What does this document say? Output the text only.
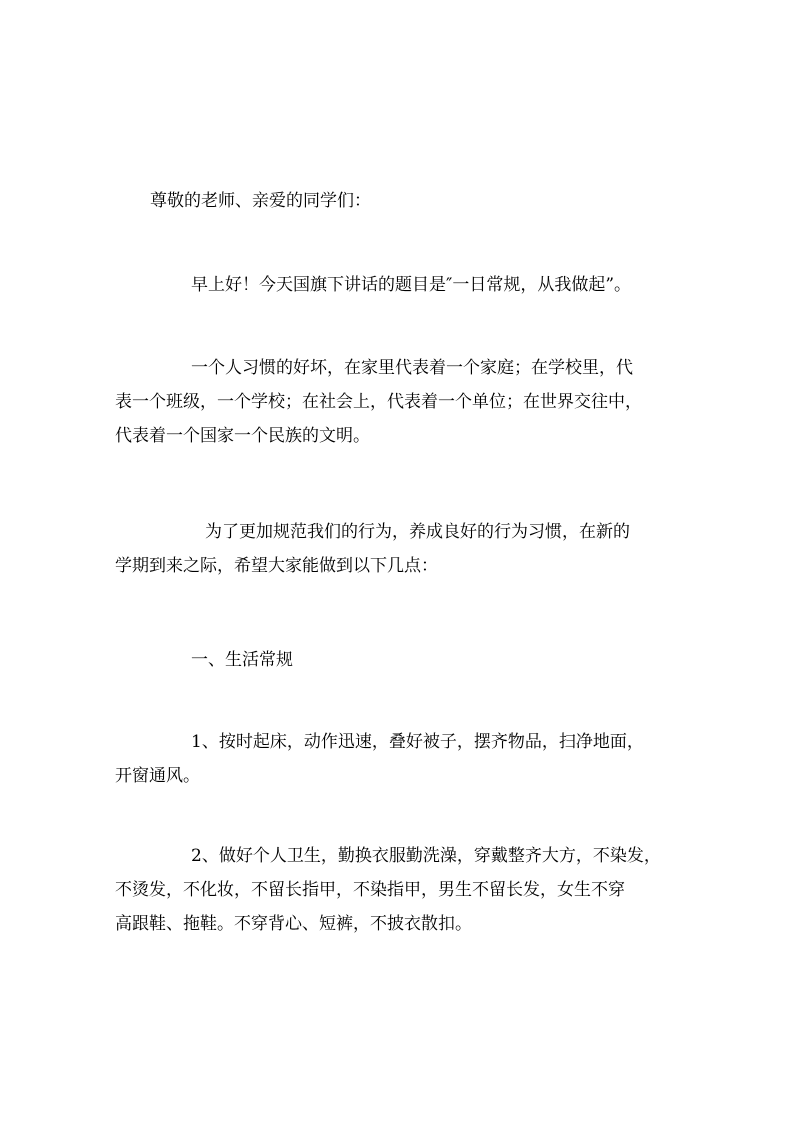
尊敬的老师、亲爱的同学们：

早上好！今天国旗下讲话的题目是″一日常规，从我做起”。

一个人习惯的好坏，在家里代表着一个家庭；在学校里，代
表一个班级，一个学校；在社会上，代表着一个单位；在世界交往中，
代表着一个国家一个民族的文明。

为了更加规范我们的行为，养成良好的行为习惯，在新的
学期到来之际，希望大家能做到以下几点：

一、生活常规

1、按时起床，动作迅速，叠好被子，摆齐物品，扫净地面，
开窗通风。

2、做好个人卫生，勤换衣服勤洗澡，穿戴整齐大方，不染发，
不烫发，不化妆，不留长指甲，不染指甲，男生不留长发，女生不穿
高跟鞋、拖鞋。不穿背心、短裤，不披衣散扣。
